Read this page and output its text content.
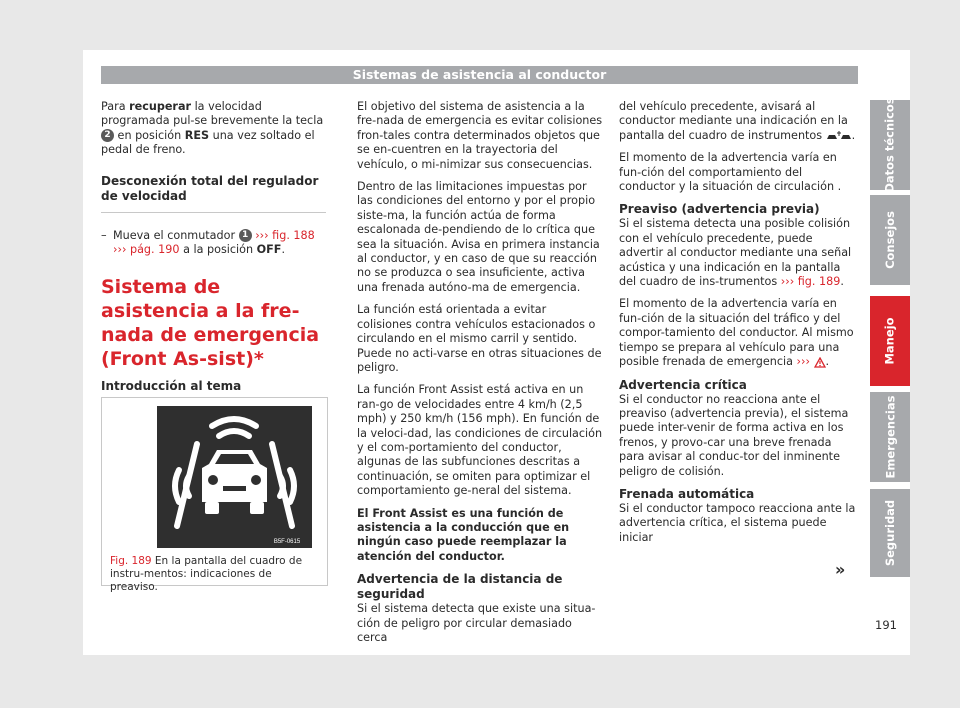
Sistemas de asistencia al conductor

Para recuperar la velocidad programada pul-se brevemente la tecla 2 en posición RES una vez soltado el pedal de freno.

Desconexión total del regulador de velocidad

– Mueva el conmutador 1 ››› fig. 188 ››› pág. 190 a la posición OFF.

Sistema de asistencia a la fre-nada de emergencia (Front As-sist)*
Introducción al tema
B5F-0615
Fig. 189 En la pantalla del cuadro de instru-mentos: indicaciones de preaviso.

El objetivo del sistema de asistencia a la fre-nada de emergencia es evitar colisiones fron-tales contra determinados objetos que se en-cuentren en la trayectoria del vehículo, o mi-nimizar sus consecuencias.

Dentro de las limitaciones impuestas por las condiciones del entorno y por el propio siste-ma, la función actúa de forma escalonada de-pendiendo de lo crítica que sea la situación. Avisa en primera instancia al conductor, y en caso de que su reacción no se produzca o sea insuficiente, activa una frenada autóno-ma de emergencia.

La función está orientada a evitar colisiones contra vehículos estacionados o circulando en el mismo carril y sentido. Puede no acti-varse en otras situaciones de peligro.

La función Front Assist está activa en un ran-go de velocidades entre 4 km/h (2,5 mph) y 250 km/h (156 mph). En función de la veloci-dad, las condiciones de circulación y el com-portamiento del conductor, algunas de las subfunciones descritas a continuación, se omiten para optimizar el comportamiento ge-neral del sistema.

El Front Assist es una función de asistencia a la conducción que en ningún caso puede reemplazar la atención del conductor.

Advertencia de la distancia de seguridad

Si el sistema detecta que existe una situa-ción de peligro por circular demasiado cerca

del vehículo precedente, avisará al conductor mediante una indicación en la pantalla del cuadro de instrumentos	.

El momento de la advertencia varía en fun-ción del comportamiento del conductor y la situación de circulación .

Preaviso (advertencia previa)

Si el sistema detecta una posible colisión con el vehículo precedente, puede advertir al conductor mediante una señal acústica y una indicación en la pantalla del cuadro de ins-trumentos ››› fig. 189.

El momento de la advertencia varía en fun-ción de la situación del tráfico y del compor-tamiento del conductor. Al mismo tiempo se prepara al vehículo para una posible frenada de emergencia ››› .

Advertencia crítica

Si el conductor no reacciona ante el preaviso (advertencia previa), el sistema puede inter-venir de forma activa en los frenos, y provo-car una breve frenada para avisar al conduc-tor del inminente peligro de colisión.

Frenada automática

Si el conductor tampoco reacciona ante la advertencia crítica, el sistema puede iniciar

»
Datos técnicos
Consejos
Manejo
Emergencias
Seguridad
191
